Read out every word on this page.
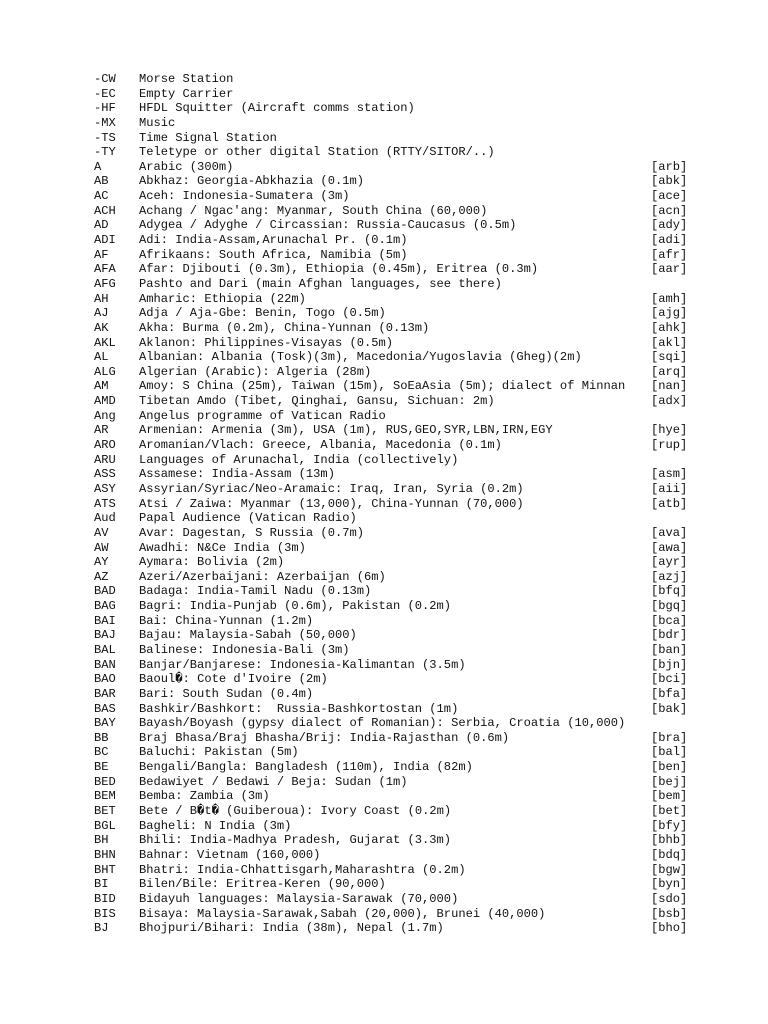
-CW Morse Station
-EC Empty Carrier
-HF HFDL Squitter (Aircraft comms station)
-MX Music
-TS Time Signal Station
-TY Teletype or other digital Station (RTTY/SITOR/..)
A	Arabic (300m)	[arb]
AB	Abkhaz: Georgia-Abkhazia (0.1m)	[abk]
AC	Aceh: Indonesia-Sumatera (3m)	[ace]
ACH Achang / Ngac'ang: Myanmar, South China (60,000)	[acn]
AD	Adygea / Adyghe / Circassian: Russia-Caucasus (0.5m)	[ady]
ADI Adi: India-Assam,Arunachal Pr. (0.1m)	[adi]
AF	Afrikaans: South Africa, Namibia (5m)	[afr]
AFA Afar: Djibouti (0.3m), Ethiopia (0.45m), Eritrea (0.3m)	[aar]
AFG Pashto and Dari (main Afghan languages, see there)
AH	Amharic: Ethiopia (22m)	[amh]
AJ	Adja / Aja-Gbe: Benin, Togo (0.5m)	[ajg]
AK	Akha: Burma (0.2m), China-Yunnan (0.13m)	[ahk]
AKL Aklanon: Philippines-Visayas (0.5m)	[akl]
AL	Albanian: Albania (Tosk)(3m), Macedonia/Yugoslavia (Gheg)(2m)	[sqi]
ALG Algerian (Arabic): Algeria (28m)	[arq]
AM	Amoy: S China (25m), Taiwan (15m), SoEaAsia (5m); dialect of Minnan [nan]
AMD Tibetan Amdo (Tibet, Qinghai, Gansu, Sichuan: 2m)	[adx]
Ang Angelus programme of Vatican Radio
AR	Armenian: Armenia (3m), USA (1m), RUS,GEO,SYR,LBN,IRN,EGY	[hye]
ARO Aromanian/Vlach: Greece, Albania, Macedonia (0.1m)	[rup]
ARU Languages of Arunachal, India (collectively)
ASS Assamese: India-Assam (13m)	[asm]
ASY Assyrian/Syriac/Neo-Aramaic: Iraq, Iran, Syria (0.2m)	[aii]
ATS Atsi / Zaiwa: Myanmar (13,000), China-Yunnan (70,000)	[atb]
Aud Papal Audience (Vatican Radio)
AV	Avar: Dagestan, S Russia (0.7m)	[ava]
AW	Awadhi: N&Ce India (3m)	[awa]
AY	Aymara: Bolivia (2m)	[ayr]
AZ	Azeri/Azerbaijani: Azerbaijan (6m)	[azj]
BAD Badaga: India-Tamil Nadu (0.13m)	[bfq]
BAG Bagri: India-Punjab (0.6m), Pakistan (0.2m)	[bgq]
BAI Bai: China-Yunnan (1.2m)	[bca]
BAJ Bajau: Malaysia-Sabah (50,000)	[bdr]
BAL Balinese: Indonesia-Bali (3m)	[ban]
BAN Banjar/Banjarese: Indonesia-Kalimantan (3.5m)	[bjn]
BAO Baoul�: Cote d'Ivoire (2m)	[bci]
BAR Bari: South Sudan (0.4m)	[bfa]
BAS Bashkir/Bashkort:  Russia-Bashkortostan (1m)	[bak]
BAY Bayash/Boyash (gypsy dialect of Romanian): Serbia, Croatia (10,000)
BB	Braj Bhasa/Braj Bhasha/Brij: India-Rajasthan (0.6m)	[bra]
BC	Baluchi: Pakistan (5m)	[bal]
BE	Bengali/Bangla: Bangladesh (110m), India (82m)	[ben]
BED Bedawiyet / Bedawi / Beja: Sudan (1m)	[bej]
BEM Bemba: Zambia (3m)	[bem]
BET Bete / B�t� (Guiberoua): Ivory Coast (0.2m)	[bet]
BGL Bagheli: N India (3m)	[bfy]
BH	Bhili: India-Madhya Pradesh, Gujarat (3.3m)	[bhb]
BHN Bahnar: Vietnam (160,000)	[bdq]
BHT Bhatri: India-Chhattisgarh,Maharashtra (0.2m)	[bgw]
BI	Bilen/Bile: Eritrea-Keren (90,000)	[byn]
BID Bidayuh languages: Malaysia-Sarawak (70,000)	[sdo]
BIS Bisaya: Malaysia-Sarawak,Sabah (20,000), Brunei (40,000)	[bsb]
BJ	Bhojpuri/Bihari: India (38m), Nepal (1.7m)	[bho]
